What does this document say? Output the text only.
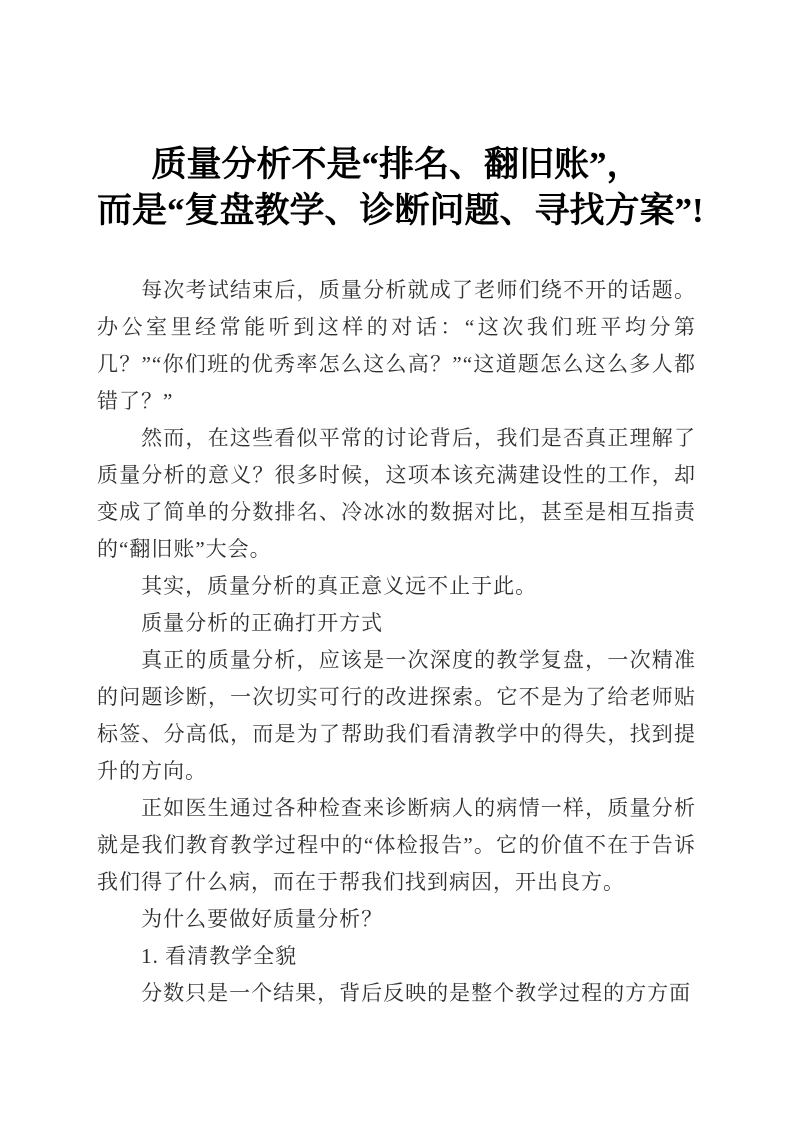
质量分析不是“排名、翻旧账”，
而是“复盘教学、诊断问题、寻找方案”!

每次考试结束后，质量分析就成了老师们绕不开的话题。办公室里经常能听到这样的对话：“这次我们班平均分第几？”“你们班的优秀率怎么这么高？”“这道题怎么这么多人都错了？”

然而，在这些看似平常的讨论背后，我们是否真正理解了质量分析的意义？很多时候，这项本该充满建设性的工作，却变成了简单的分数排名、冷冰冰的数据对比，甚至是相互指责的“翻旧账”大会。

其实，质量分析的真正意义远不止于此。

质量分析的正确打开方式

真正的质量分析，应该是一次深度的教学复盘，一次精准的问题诊断，一次切实可行的改进探索。它不是为了给老师贴标签、分高低，而是为了帮助我们看清教学中的得失，找到提升的方向。

正如医生通过各种检查来诊断病人的病情一样，质量分析就是我们教育教学过程中的“体检报告”。它的价值不在于告诉我们得了什么病，而在于帮我们找到病因，开出良方。

为什么要做好质量分析？

1. 看清教学全貌

分数只是一个结果，背后反映的是整个教学过程的方方面
